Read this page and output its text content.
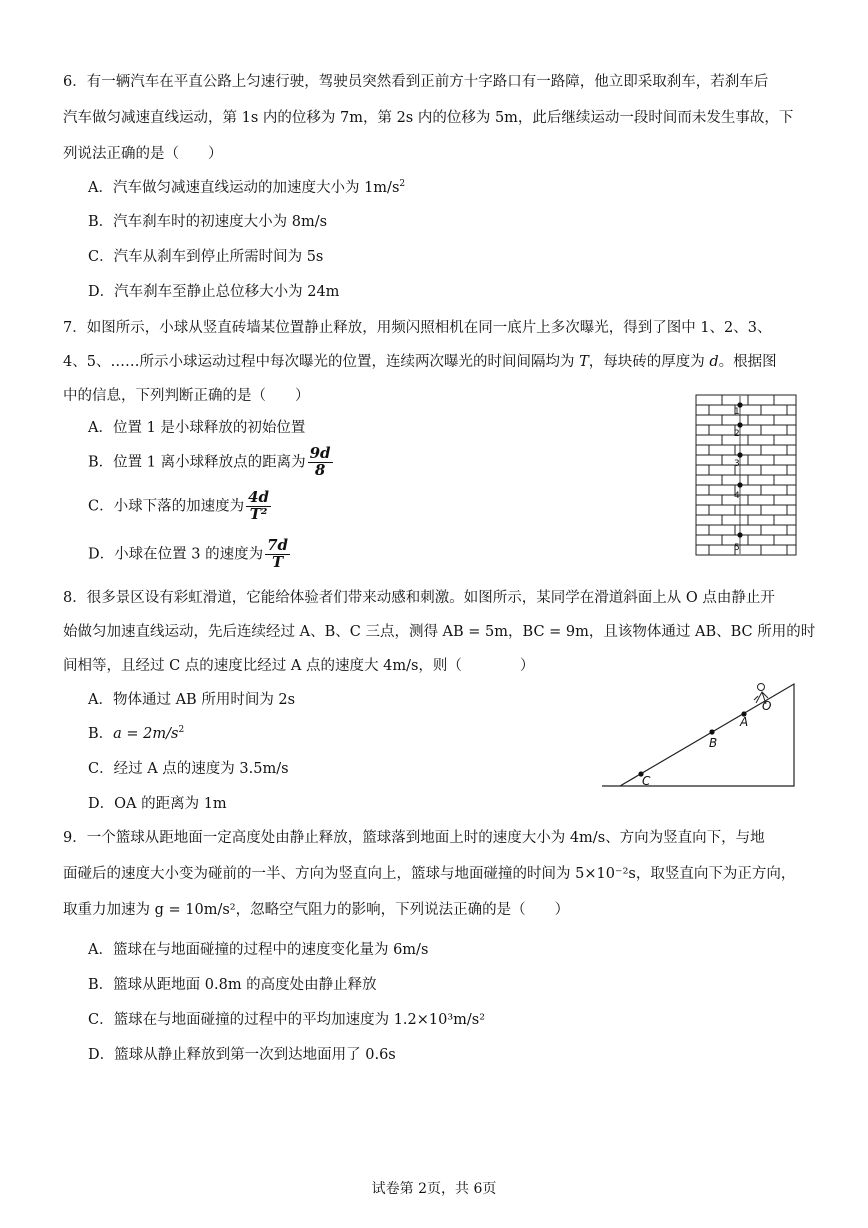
6．有一辆汽车在平直公路上匀速行驶，驾驶员突然看到正前方十字路口有一路障，他立即采取刹车，若刹车后
汽车做匀减速直线运动，第 1s 内的位移为 7m，第 2s 内的位移为 5m，此后继续运动一段时间而未发生事故，下
列说法正确的是（　　）
A．汽车做匀减速直线运动的加速度大小为 $1m/s^2$
B．汽车刹车时的初速度大小为 8m/s
C．汽车从刹车到停止所需时间为 5s
D．汽车刹车至静止总位移大小为 24m
7．如图所示，小球从竖直砖墙某位置静止释放，用频闪照相机在同一底片上多次曝光，得到了图中 1、2、3、
4、5、……所示小球运动过程中每次曝光的位置，连续两次曝光的时间间隔均为 T，每块砖的厚度为 d。根据图
中的信息，下列判断正确的是（　　）
A．位置 1 是小球释放的初始位置
B．位置 1 离小球释放点的距离为 $\frac{9d}{8}$
C．小球下落的加速度为 $\frac{4d}{\text{T²}}$
D．小球在位置 3 的速度为 $\frac{7d}{T}$
1
2
3
4
5
8．很多景区设有彩虹滑道，它能给体验者们带来动感和刺激。如图所示，某同学在滑道斜面上从 O 点由静止开
始做匀加速直线运动，先后连续经过 A、B、C 三点，测得 AB = 5m，BC = 9m，且该物体通过 AB、BC 所用的时
间相等，且经过 C 点的速度比经过 A 点的速度大 4m/s，则（　　　　）
A．物体通过 AB 所用时间为 2s
B．$a = 2m/s^2$
C．经过 A 点的速度为 3.5m/s
D．OA 的距离为 1m
O
A
B
C
9．一个篮球从距地面一定高度处由静止释放，篮球落到地面上时的速度大小为 4m/s、方向为竖直向下，与地
面碰后的速度大小变为碰前的一半、方向为竖直向上，篮球与地面碰撞的时间为 5×10⁻²s，取竖直向下为正方向，
取重力加速为 g = 10m/s²，忽略空气阻力的影响，下列说法正确的是（　　）
A．篮球在与地面碰撞的过程中的速度变化量为 6m/s
B．篮球从距地面 0.8m 的高度处由静止释放
C．篮球在与地面碰撞的过程中的平均加速度为 1.2×10³m/s²
D．篮球从静止释放到第一次到达地面用了 0.6s
试卷第 2页，共 6页
